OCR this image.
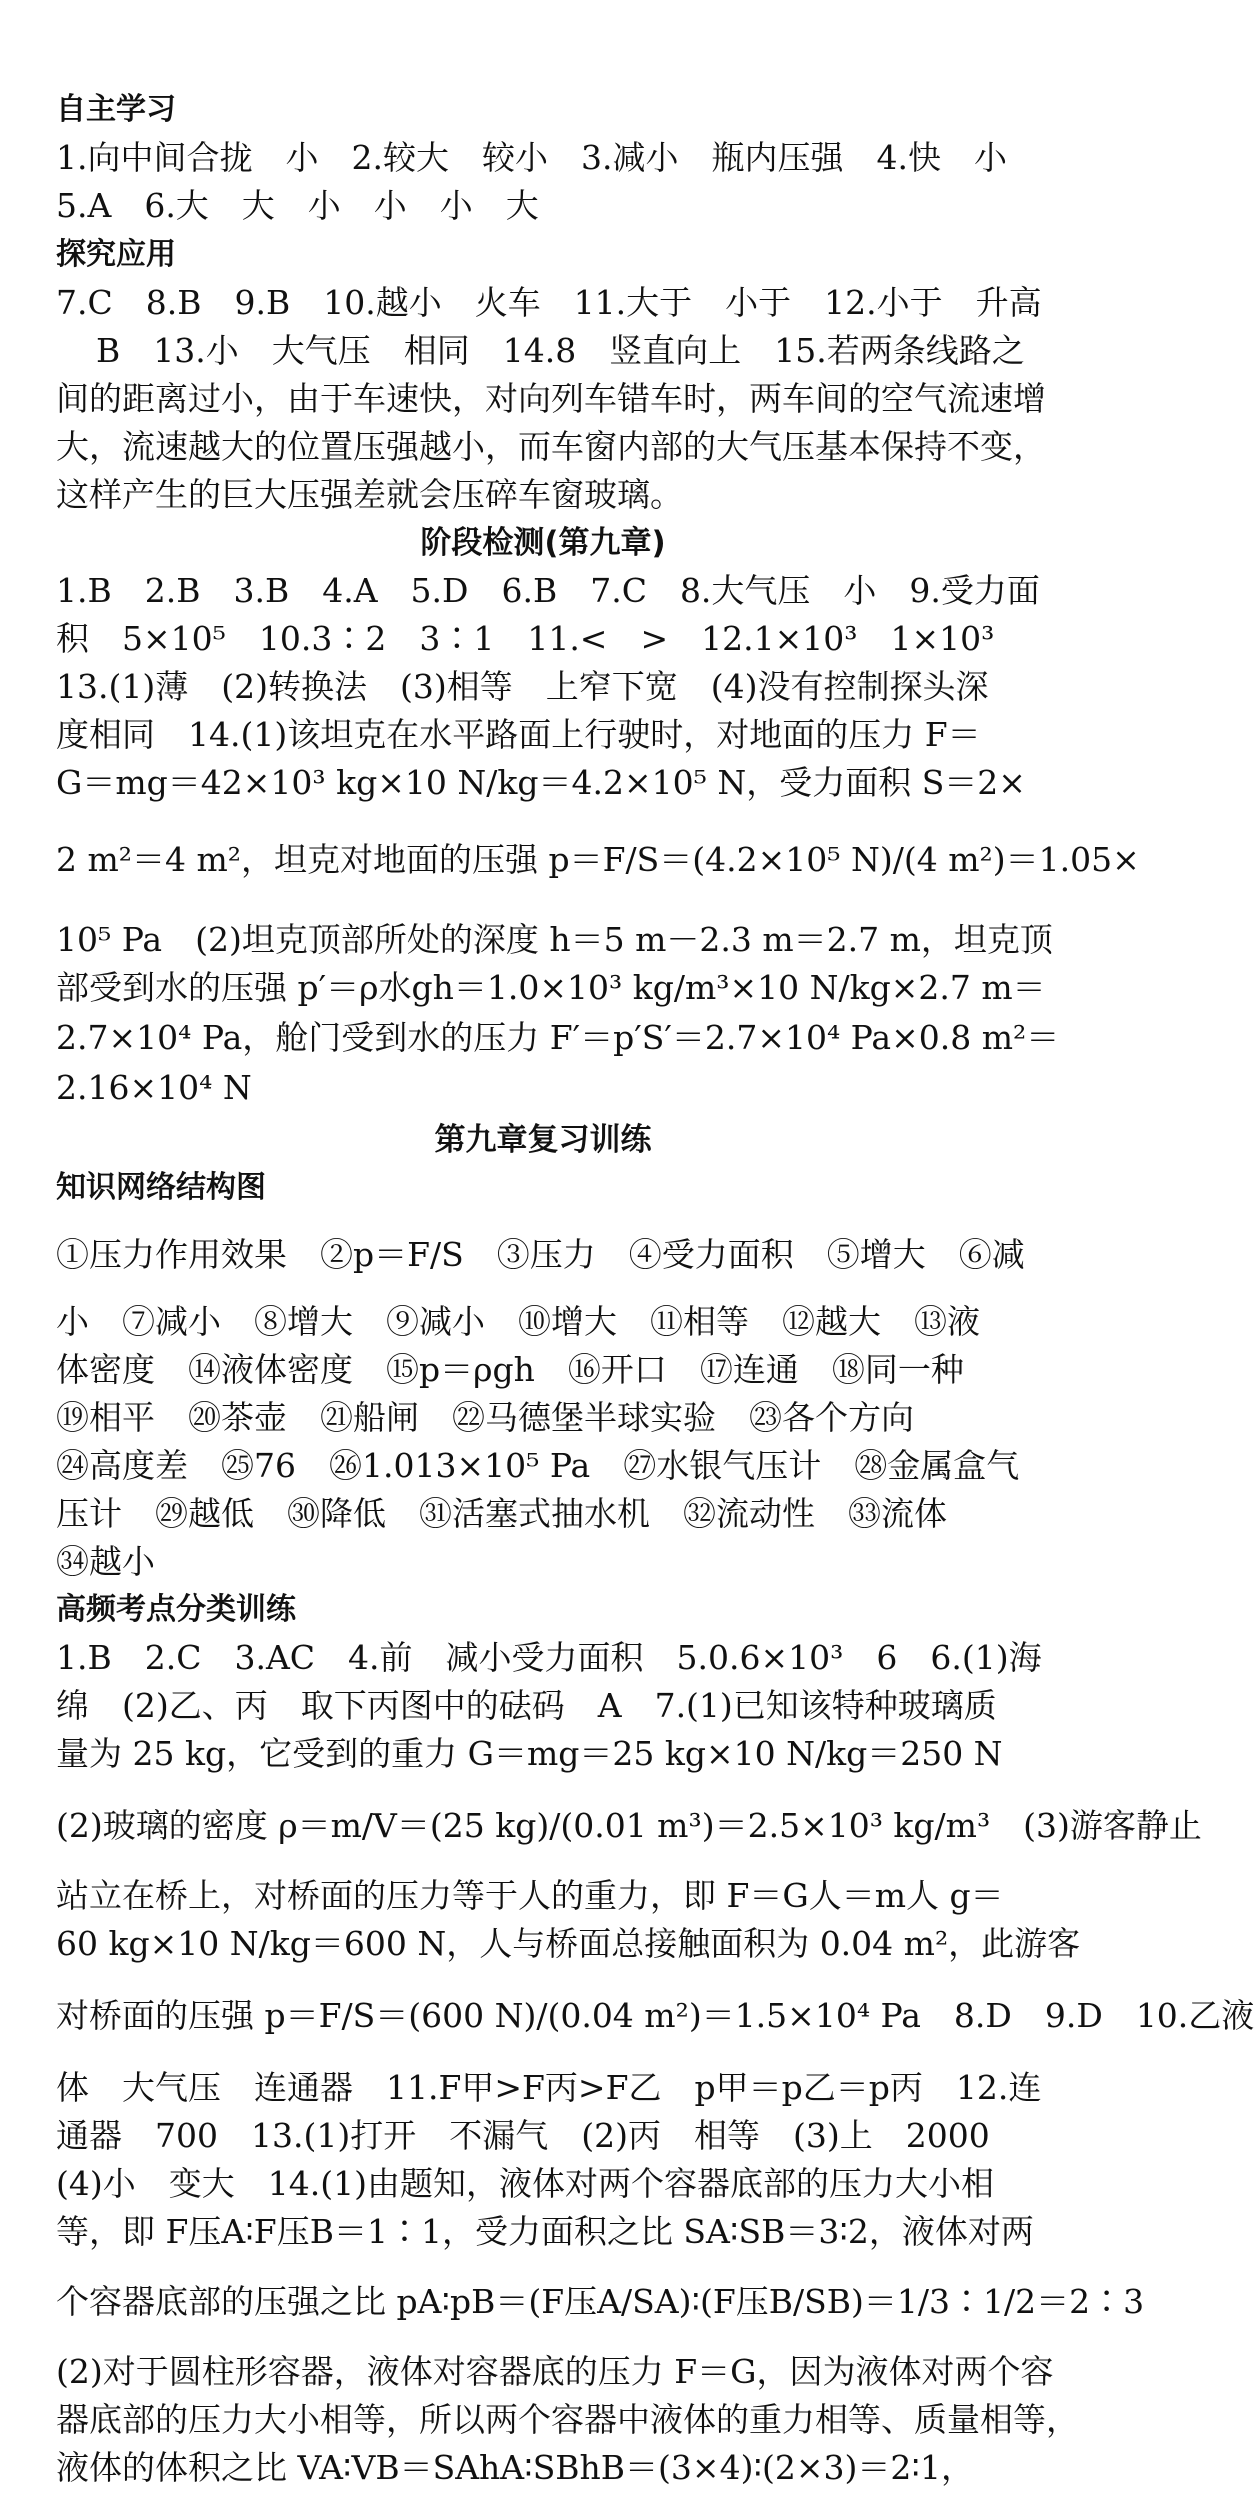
自主学习
1.向中间合拢　小　2.较大　较小　3.减小　瓶内压强　4.快　小
5.A　6.大　大　小　小　小　大
探究应用
7.C　8.B　9.B　10.越小　火车　11.大于　小于　12.小于　升高
B　13.小　大气压　相同　14.8　竖直向上　15.若两条线路之
间的距离过小，由于车速快，对向列车错车时，两车间的空气流速增
大，流速越大的位置压强越小，而车窗内部的大气压基本保持不变，
这样产生的巨大压强差就会压碎车窗玻璃。
阶段检测(第九章)
1.B　2.B　3.B　4.A　5.D　6.B　7.C　8.大气压　小　9.受力面
积　5×10⁵　10.3∶2　3∶1　11.<　>　12.1×10³　1×10³
13.(1)薄　(2)转换法　(3)相等　上窄下宽　(4)没有控制探头深
度相同　14.(1)该坦克在水平路面上行驶时，对地面的压力 F＝
G＝mg＝42×10³ kg×10 N/kg＝4.2×10⁵ N，受力面积 S＝2×
2 m²＝4 m²，坦克对地面的压强 p＝F/S＝(4.2×10⁵ N)/(4 m²)＝1.05×
10⁵ Pa　(2)坦克顶部所处的深度 h＝5 m－2.3 m＝2.7 m，坦克顶
部受到水的压强 p′＝ρ水gh＝1.0×10³ kg/m³×10 N/kg×2.7 m＝
2.7×10⁴ Pa，舱门受到水的压力 F′＝p′S′＝2.7×10⁴ Pa×0.8 m²＝
2.16×10⁴ N
第九章复习训练
知识网络结构图
①压力作用效果　②p＝F/S　③压力　④受力面积　⑤增大　⑥减
小　⑦减小　⑧增大　⑨减小　⑩增大　⑪相等　⑫越大　⑬液
体密度　⑭液体密度　⑮p＝ρgh　⑯开口　⑰连通　⑱同一种
⑲相平　⑳茶壶　㉑船闸　㉒马德堡半球实验　㉓各个方向
㉔高度差　㉕76　㉖1.013×10⁵ Pa　㉗水银气压计　㉘金属盒气
压计　㉙越低　㉚降低　㉛活塞式抽水机　㉜流动性　㉝流体
㉞越小
高频考点分类训练
1.B　2.C　3.AC　4.前　减小受力面积　5.0.6×10³　6　6.(1)海
绵　(2)乙、丙　取下丙图中的砝码　A　7.(1)已知该特种玻璃质
量为 25 kg，它受到的重力 G＝mg＝25 kg×10 N/kg＝250 N
(2)玻璃的密度 ρ＝m/V＝(25 kg)/(0.01 m³)＝2.5×10³ kg/m³　(3)游客静止
站立在桥上，对桥面的压力等于人的重力，即 F＝G人＝m人 g＝
60 kg×10 N/kg＝600 N，人与桥面总接触面积为 0.04 m²，此游客
对桥面的压强 p＝F/S＝(600 N)/(0.04 m²)＝1.5×10⁴ Pa　8.D　9.D　10.乙液
体　大气压　连通器　11.F甲>F丙>F乙　p甲＝p乙＝p丙　12.连
通器　700　13.(1)打开　不漏气　(2)丙　相等　(3)上　2000
(4)小　变大　14.(1)由题知，液体对两个容器底部的压力大小相
等，即 F压A∶F压B＝1∶1，受力面积之比 SA∶SB＝3∶2，液体对两
个容器底部的压强之比 pA∶pB＝(F压A/SA)∶(F压B/SB)＝1/3∶1/2＝2∶3
(2)对于圆柱形容器，液体对容器底的压力 F＝G，因为液体对两个容
器底部的压力大小相等，所以两个容器中液体的重力相等、质量相等，
液体的体积之比 VA∶VB＝SAhA∶SBhB＝(3×4)∶(2×3)＝2∶1，
